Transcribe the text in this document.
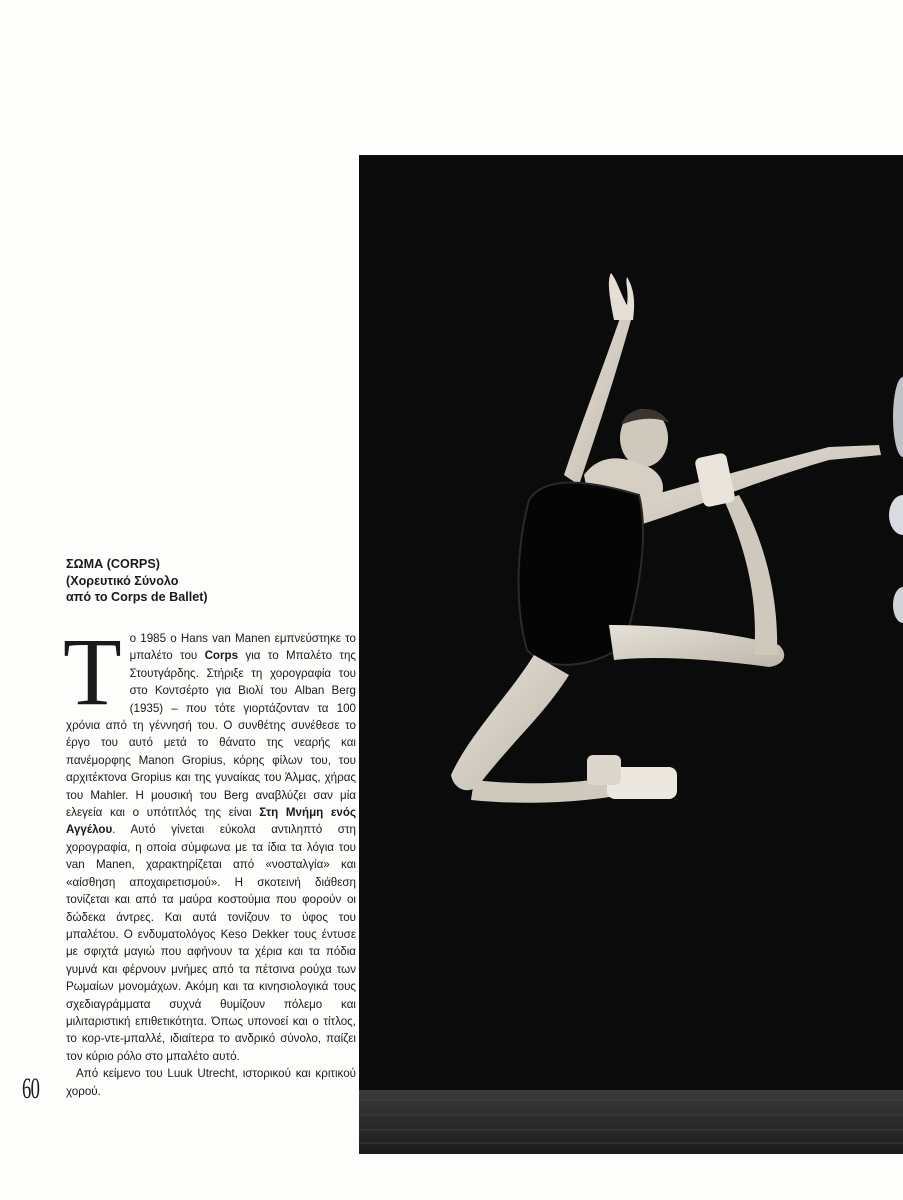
ΣΩΜΑ (CORPS)
(Χορευτικό Σύνολο
από το Corps de Ballet)

Το 1985 ο Hans van Manen εμπνεύστηκε το μπαλέτο του Corps για το Μπαλέτο της Στουτγάρδης. Στήριξε τη χορογραφία του στο Κοντσέρτο για Βιολί του Alban Berg (1935) – που τότε γιορτάζονταν τα 100 χρόνια από τη γέννησή του. Ο συνθέτης συνέθεσε το έργο του αυτό μετά το θάνατο της νεαρής και πανέμορφης Manon Gropius, κόρης φίλων του, του αρχιτέκτονα Gropius και της γυναίκας του Άλμας, χήρας του Mahler. Η μουσική του Berg αναβλύζει σαν μία ελεγεία και ο υπότιτλός της είναι Στη Μνήμη ενός Αγγέλου. Αυτό γίνεται εύκολα αντιληπτό στη χορογραφία, η οποία σύμφωνα με τα ίδια τα λόγια του van Manen, χαρακτηρίζεται από «νοσταλγία» και «αίσθηση αποχαιρετισμού». Η σκοτεινή διάθεση τονίζεται και από τα μαύρα κοστούμια που φορούν οι δώδεκα άντρες. Και αυτά τονίζουν το ύφος του μπαλέτου. Ο ενδυματολόγος Keso Dekker τους έντυσε με σφιχτά μαγιώ που αφήνουν τα χέρια και τα πόδια γυμνά και φέρνουν μνήμες από τα πέτσινα ρούχα των Ρωμαίων μονομάχων. Ακόμη και τα κινησιολογικά τους σχεδιαγράμματα συχνά θυμίζουν πόλεμο και μιλιταριστική επιθετικότητα. Όπως υπονοεί και ο τίτλος, το κορ-ντε-μπαλλέ, ιδιαίτερα το ανδρικό σύνολο, παίζει τον κύριο ρόλο στο μπαλέτο αυτό.

Από κείμενο του Luuk Utrecht, ιστορικού και κριτικού χορού.

60
